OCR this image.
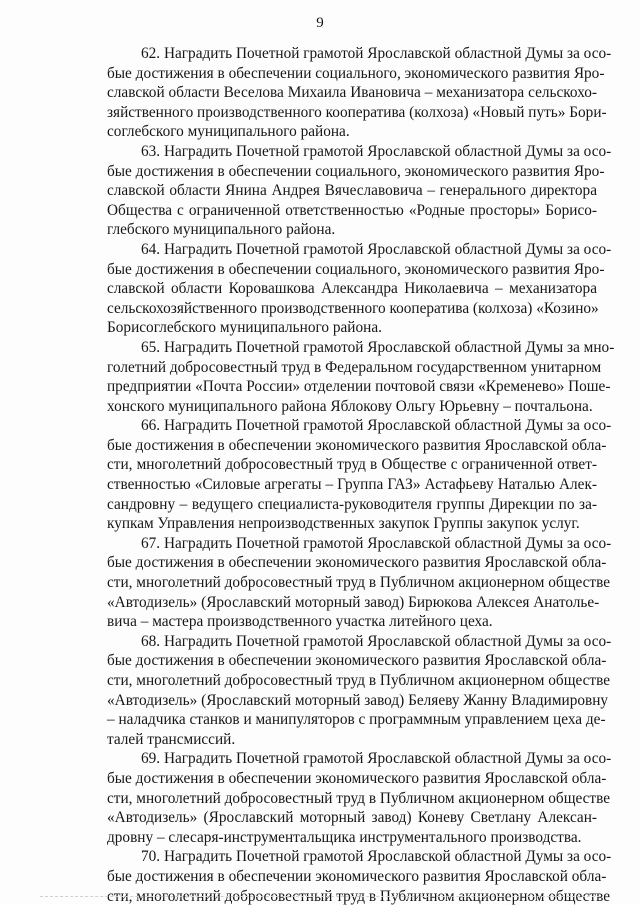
9
62. Наградить Почетной грамотой Ярославской областной Думы за осо-
бые достижения в обеспечении социального, экономического развития Яро-
славской области Веселова Михаила Ивановича – механизатора сельскохо-
зяйственного производственного кооператива (колхоза) «Новый путь» Бори-
соглебского муниципального района.
63. Наградить Почетной грамотой Ярославской областной Думы за осо-
бые достижения в обеспечении социального, экономического развития Яро-
славской области Янина Андрея Вячеславовича – генерального директора
Общества с ограниченной ответственностью «Родные просторы» Борисо-
глебского муниципального района.
64. Наградить Почетной грамотой Ярославской областной Думы за осо-
бые достижения в обеспечении социального, экономического развития Яро-
славской области Коровашкова Александра Николаевича – механизатора
сельскохозяйственного производственного кооператива (колхоза) «Козино»
Борисоглебского муниципального района.
65. Наградить Почетной грамотой Ярославской областной Думы за мно-
голетний добросовестный труд в Федеральном государственном унитарном
предприятии «Почта России» отделении почтовой связи «Кременево» Поше-
хонского муниципального района Яблокову Ольгу Юрьевну – почтальона.
66. Наградить Почетной грамотой Ярославской областной Думы за осо-
бые достижения в обеспечении экономического развития Ярославской обла-
сти, многолетний добросовестный труд в Обществе с ограниченной ответ-
ственностью «Силовые агрегаты – Группа ГАЗ» Астафьеву Наталью Алек-
сандровну – ведущего специалиста-руководителя группы Дирекции по за-
купкам Управления непроизводственных закупок Группы закупок услуг.
67. Наградить Почетной грамотой Ярославской областной Думы за осо-
бые достижения в обеспечении экономического развития Ярославской обла-
сти, многолетний добросовестный труд в Публичном акционерном обществе
«Автодизель» (Ярославский моторный завод) Бирюкова Алексея Анатолье-
вича – мастера производственного участка литейного цеха.
68. Наградить Почетной грамотой Ярославской областной Думы за осо-
бые достижения в обеспечении экономического развития Ярославской обла-
сти, многолетний добросовестный труд в Публичном акционерном обществе
«Автодизель» (Ярославский моторный завод) Беляеву Жанну Владимировну
– наладчика станков и манипуляторов с программным управлением цеха де-
талей трансмиссий.
69. Наградить Почетной грамотой Ярославской областной Думы за осо-
бые достижения в обеспечении экономического развития Ярославской обла-
сти, многолетний добросовестный труд в Публичном акционерном обществе
«Автодизель» (Ярославский моторный завод) Коневу Светлану Алексан-
дровну – слесаря-инструментальщика инструментального производства.
70. Наградить Почетной грамотой Ярославской областной Думы за осо-
бые достижения в обеспечении экономического развития Ярославской обла-
сти, многолетний добросовестный труд в Публичном акционерном обществе
